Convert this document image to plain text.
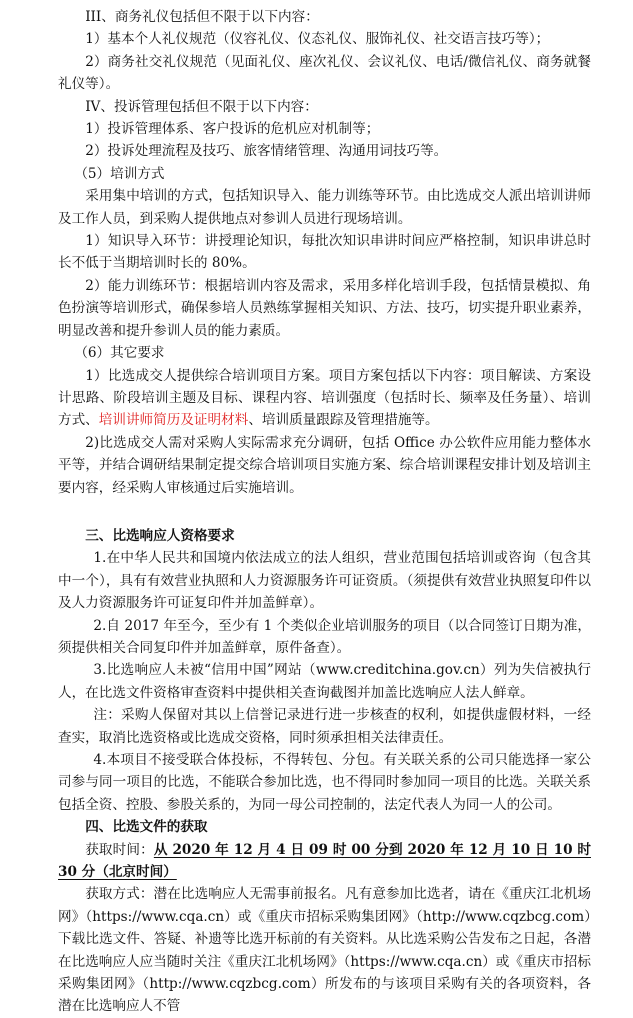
III、商务礼仪包括但不限于以下内容：

1）基本个人礼仪规范（仪容礼仪、仪态礼仪、服饰礼仪、社交语言技巧等）；

2）商务社交礼仪规范（见面礼仪、座次礼仪、会议礼仪、电话/微信礼仪、商务就餐礼仪等）。

IV、投诉管理包括但不限于以下内容：

1）投诉管理体系、客户投诉的危机应对机制等；

2）投诉处理流程及技巧、旅客情绪管理、沟通用词技巧等。

（5）培训方式

采用集中培训的方式，包括知识导入、能力训练等环节。由比选成交人派出培训讲师及工作人员，到采购人提供地点对参训人员进行现场培训。

1）知识导入环节：讲授理论知识，每批次知识串讲时间应严格控制，知识串讲总时长不低于当期培训时长的 80%。

2）能力训练环节：根据培训内容及需求，采用多样化培训手段，包括情景模拟、角色扮演等培训形式，确保参培人员熟练掌握相关知识、方法、技巧，切实提升职业素养，明显改善和提升参训人员的能力素质。

（6）其它要求

1）比选成交人提供综合培训项目方案。项目方案包括以下内容：项目解读、方案设计思路、阶段培训主题及目标、课程内容、培训强度（包括时长、频率及任务量）、培训方式、培训讲师简历及证明材料、培训质量跟踪及管理措施等。

2)比选成交人需对采购人实际需求充分调研，包括 Office 办公软件应用能力整体水平等，并结合调研结果制定提交综合培训项目实施方案、综合培训课程安排计划及培训主要内容，经采购人审核通过后实施培训。

三、比选响应人资格要求

1.在中华人民共和国境内依法成立的法人组织，营业范围包括培训或咨询（包含其中一个），具有有效营业执照和人力资源服务许可证资质。（须提供有效营业执照复印件以及人力资源服务许可证复印件并加盖鲜章）。

2.自 2017 年至今，至少有 1 个类似企业培训服务的项目（以合同签订日期为准，须提供相关合同复印件并加盖鲜章，原件备查）。

3.比选响应人未被“信用中国”网站（www.creditchina.gov.cn）列为失信被执行人，在比选文件资格审查资料中提供相关查询截图并加盖比选响应人法人鲜章。

注：采购人保留对其以上信誉记录进行进一步核查的权利，如提供虚假材料，一经查实，取消比选资格或比选成交资格，同时须承担相关法律责任。

4.本项目不接受联合体投标，不得转包、分包。有关联关系的公司只能选择一家公司参与同一项目的比选，不能联合参加比选，也不得同时参加同一项目的比选。关联关系包括全资、控股、参股关系的，为同一母公司控制的，法定代表人为同一人的公司。

四、比选文件的获取

获取时间：从 2020 年 12 月 4 日 09 时 00 分到 2020 年 12 月 10 日 10 时 30 分（北京时间）

获取方式：潜在比选响应人无需事前报名。凡有意参加比选者，请在《重庆江北机场网》（https://www.cqa.cn）或《重庆市招标采购集团网》（http://www.cqzbcg.com）下载比选文件、答疑、补遗等比选开标前的有关资料。从比选采购公告发布之日起，各潜在比选响应人应当随时关注《重庆江北机场网》（https://www.cqa.cn）或《重庆市招标采购集团网》（http://www.cqzbcg.com）所发布的与该项目采购有关的各项资料，各潜在比选响应人不管
